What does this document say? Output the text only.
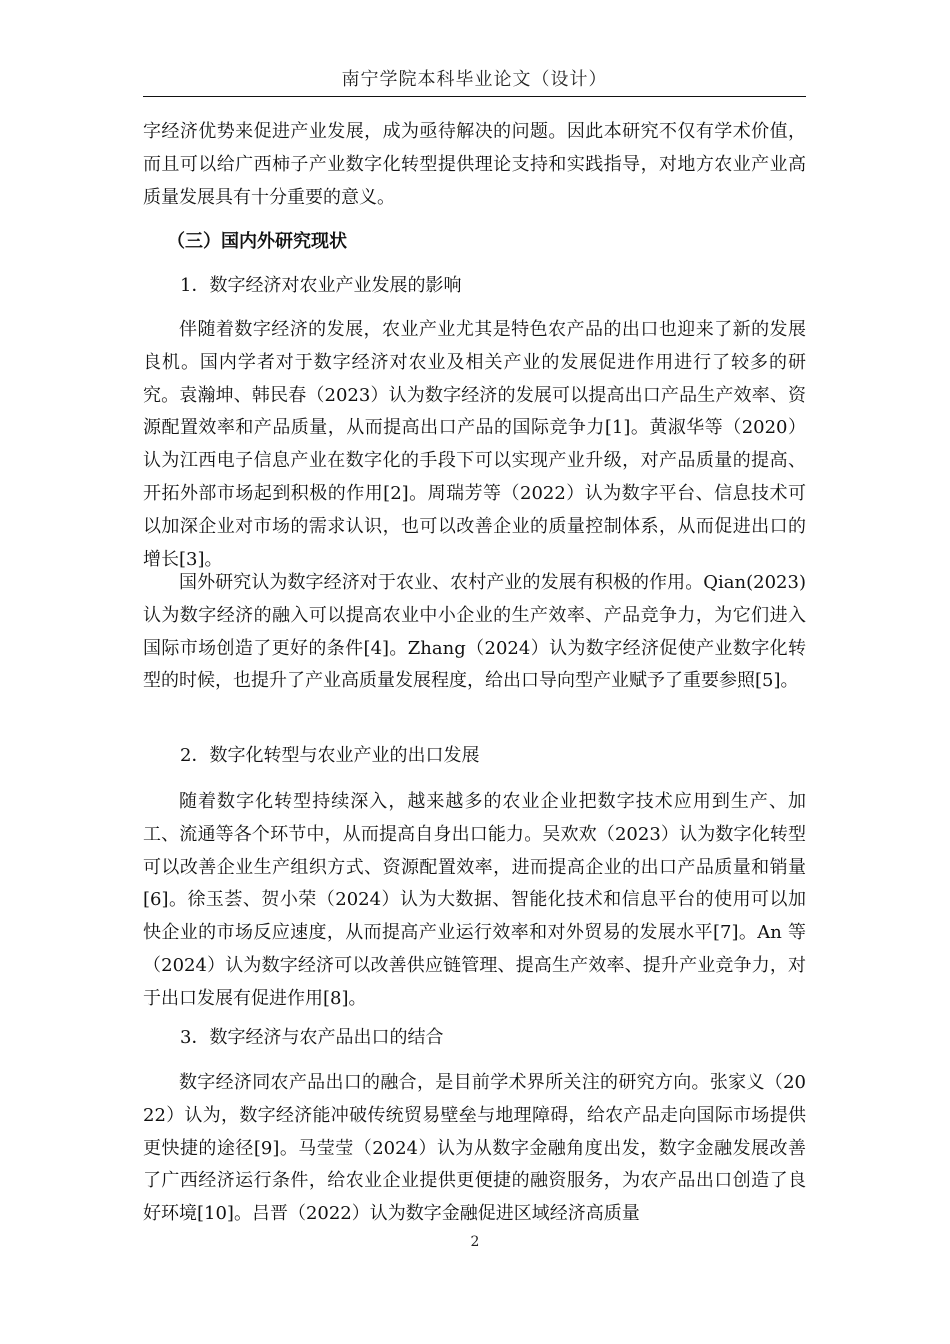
南宁学院本科毕业论文（设计）
字经济优势来促进产业发展，成为亟待解决的问题。因此本研究不仅有学术价值，而且可以给广西柿子产业数字化转型提供理论支持和实践指导，对地方农业产业高质量发展具有十分重要的意义。
（三）国内外研究现状
1．数字经济对农业产业发展的影响
伴随着数字经济的发展，农业产业尤其是特色农产品的出口也迎来了新的发展良机。国内学者对于数字经济对农业及相关产业的发展促进作用进行了较多的研究。袁瀚坤、韩民春（2023）认为数字经济的发展可以提高出口产品生产效率、资源配置效率和产品质量，从而提高出口产品的国际竞争力[1]。黄淑华等（2020）认为江西电子信息产业在数字化的手段下可以实现产业升级，对产品质量的提高、开拓外部市场起到积极的作用[2]。周瑞芳等（2022）认为数字平台、信息技术可以加深企业对市场的需求认识，也可以改善企业的质量控制体系，从而促进出口的增长[3]。
国外研究认为数字经济对于农业、农村产业的发展有积极的作用。Qian(2023)认为数字经济的融入可以提高农业中小企业的生产效率、产品竞争力，为它们进入国际市场创造了更好的条件[4]。Zhang（2024）认为数字经济促使产业数字化转型的时候，也提升了产业高质量发展程度，给出口导向型产业赋予了重要参照[5]。
2．数字化转型与农业产业的出口发展
随着数字化转型持续深入，越来越多的农业企业把数字技术应用到生产、加工、流通等各个环节中，从而提高自身出口能力。吴欢欢（2023）认为数字化转型可以改善企业生产组织方式、资源配置效率，进而提高企业的出口产品质量和销量[6]。徐玉荟、贺小荣（2024）认为大数据、智能化技术和信息平台的使用可以加快企业的市场反应速度，从而提高产业运行效率和对外贸易的发展水平[7]。An 等（2024）认为数字经济可以改善供应链管理、提高生产效率、提升产业竞争力，对于出口发展有促进作用[8]。
3．数字经济与农产品出口的结合
数字经济同农产品出口的融合，是目前学术界所关注的研究方向。张家义（2022）认为，数字经济能冲破传统贸易壁垒与地理障碍，给农产品走向国际市场提供更快捷的途径[9]。马莹莹（2024）认为从数字金融角度出发，数字金融发展改善了广西经济运行条件，给农业企业提供更便捷的融资服务，为农产品出口创造了良好环境[10]。吕晋（2022）认为数字金融促进区域经济高质量
2
